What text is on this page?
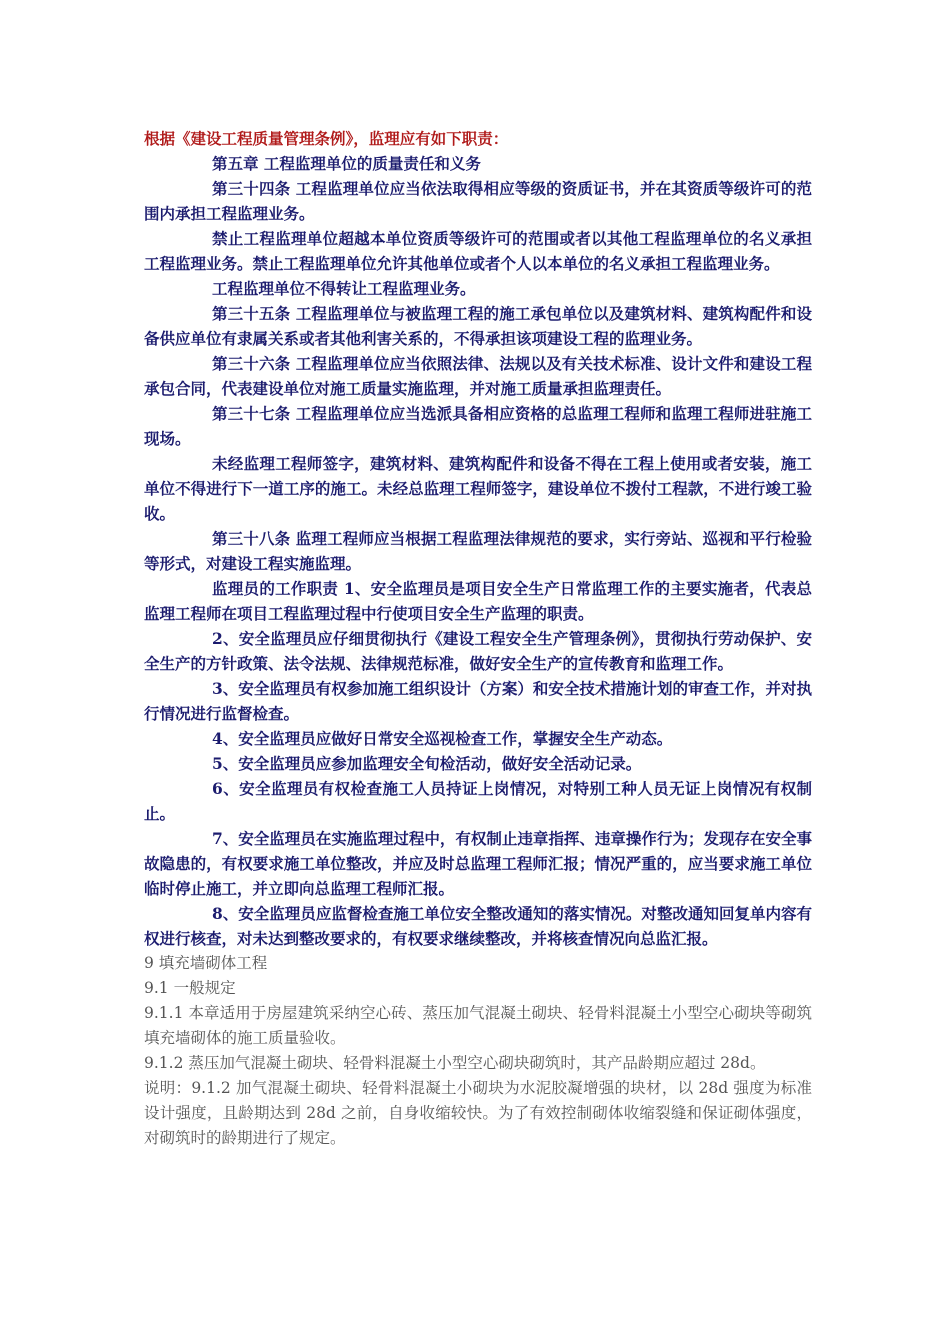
根据《建设工程质量管理条例》，监理应有如下职责：

第五章 工程监理单位的质量责任和义务

第三十四条 工程监理单位应当依法取得相应等级的资质证书，并在其资质等级许可的范围内承担工程监理业务。

禁止工程监理单位超越本单位资质等级许可的范围或者以其他工程监理单位的名义承担工程监理业务。禁止工程监理单位允许其他单位或者个人以本单位的名义承担工程监理业务。

工程监理单位不得转让工程监理业务。

第三十五条 工程监理单位与被监理工程的施工承包单位以及建筑材料、建筑构配件和设备供应单位有隶属关系或者其他利害关系的，不得承担该项建设工程的监理业务。

第三十六条 工程监理单位应当依照法律、法规以及有关技术标准、设计文件和建设工程承包合同，代表建设单位对施工质量实施监理，并对施工质量承担监理责任。

第三十七条 工程监理单位应当选派具备相应资格的总监理工程师和监理工程师进驻施工现场。

未经监理工程师签字，建筑材料、建筑构配件和设备不得在工程上使用或者安装，施工单位不得进行下一道工序的施工。未经总监理工程师签字，建设单位不拨付工程款，不进行竣工验收。

第三十八条 监理工程师应当根据工程监理法律规范的要求，实行旁站、巡视和平行检验等形式，对建设工程实施监理。

监理员的工作职责 1、安全监理员是项目安全生产日常监理工作的主要实施者，代表总监理工程师在项目工程监理过程中行使项目安全生产监理的职责。

2、安全监理员应仔细贯彻执行《建设工程安全生产管理条例》，贯彻执行劳动保护、安全生产的方针政策、法令法规、法律规范标准，做好安全生产的宣传教育和监理工作。

3、安全监理员有权参加施工组织设计（方案）和安全技术措施计划的审查工作，并对执行情况进行监督检查。

4、安全监理员应做好日常安全巡视检查工作，掌握安全生产动态。

5、安全监理员应参加监理安全旬检活动，做好安全活动记录。

6、安全监理员有权检查施工人员持证上岗情况，对特别工种人员无证上岗情况有权制止。

7、安全监理员在实施监理过程中，有权制止违章指挥、违章操作行为；发现存在安全事故隐患的，有权要求施工单位整改，并应及时总监理工程师汇报；情况严重的，应当要求施工单位临时停止施工，并立即向总监理工程师汇报。

8、安全监理员应监督检查施工单位安全整改通知的落实情况。对整改通知回复单内容有权进行核查，对未达到整改要求的，有权要求继续整改，并将核查情况向总监汇报。

9 填充墙砌体工程

9.1 一般规定

9.1.1 本章适用于房屋建筑采纳空心砖、蒸压加气混凝土砌块、轻骨料混凝土小型空心砌块等砌筑填充墙砌体的施工质量验收。

9.1.2 蒸压加气混凝土砌块、轻骨料混凝土小型空心砌块砌筑时，其产品龄期应超过 28d。

说明：9.1.2 加气混凝土砌块、轻骨料混凝土小砌块为水泥胶凝增强的块材，以 28d 强度为标准设计强度，且龄期达到 28d 之前，自身收缩较快。为了有效控制砌体收缩裂缝和保证砌体强度，对砌筑时的龄期进行了规定。
